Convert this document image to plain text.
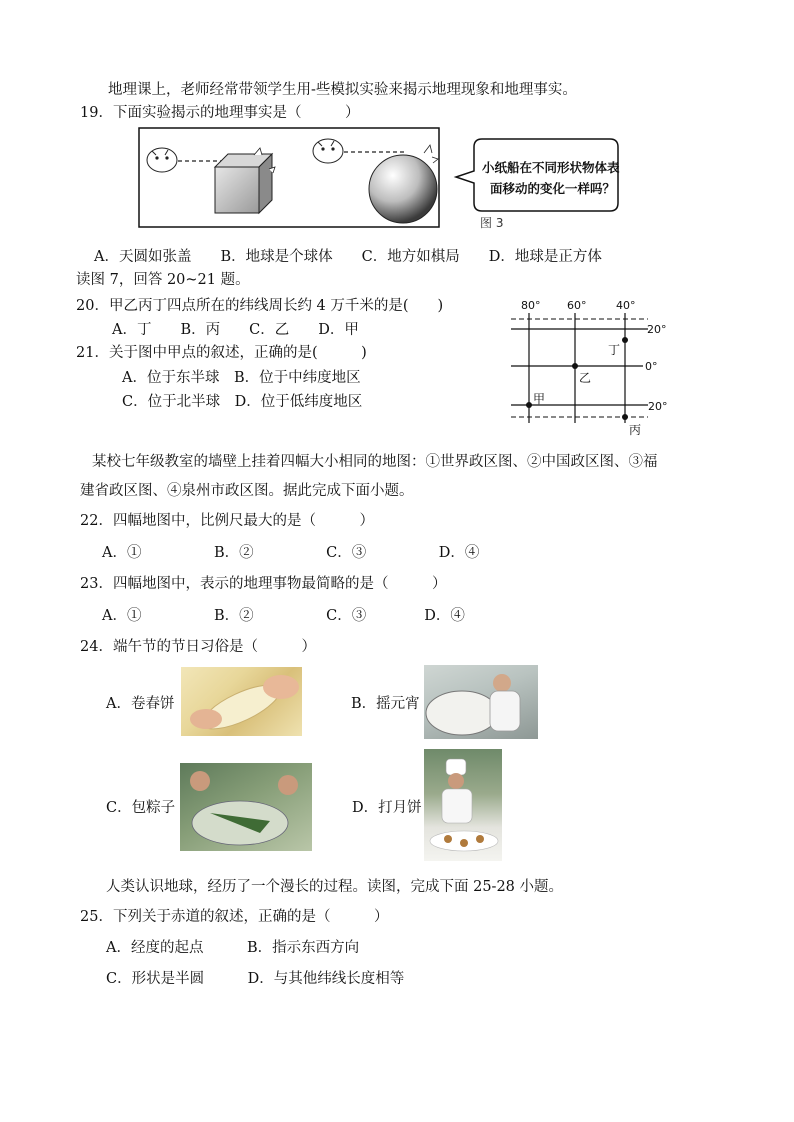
地理课上，老师经常带领学生用-些模拟实验来揭示地理现象和地理事实。
19．下面实验揭示的地理事实是（　　　）
小纸船在不同形状物体表
面移动的变化一样吗？
图 3
A．天圆如张盖　　B．地球是个球体　　C．地方如棋局　　D．地球是正方体
读图 7，回答 20~21 题。
20．甲乙丙丁四点所在的纬线周长约 4 万千米的是(　　)
A．丁　　B．丙　　C．乙　　D．甲
21．关于图中甲点的叙述，正确的是(　　　)
A．位于东半球　B．位于中纬度地区
C．位于北半球　D．位于低纬度地区
80° 60°	40°
20°
0°
20°
丁
乙
甲
丙
某校七年级教室的墙壁上挂着四幅大小相同的地图：①世界政区图、②中国政区图、③福
建省政区图、④泉州市政区图。据此完成下面小题。
22．四幅地图中，比例尺最大的是（　　　）
A．①　　　　　B．②　　　　　C．③　　　　　D．④
23．四幅地图中，表示的地理事物最简略的是（　　　）
A．①　　　　　B．②　　　　　C．③　　　　D．④
24．端午节的节日习俗是（　　　）
A．卷春饼	B．摇元宵
C．包粽子	D．打月饼
人类认识地球，经历了一个漫长的过程。读图，完成下面 25-28 小题。
25．下列关于赤道的叙述，正确的是（　　　）
A．经度的起点　　　B．指示东西方向
C．形状是半圆　　　D．与其他纬线长度相等
